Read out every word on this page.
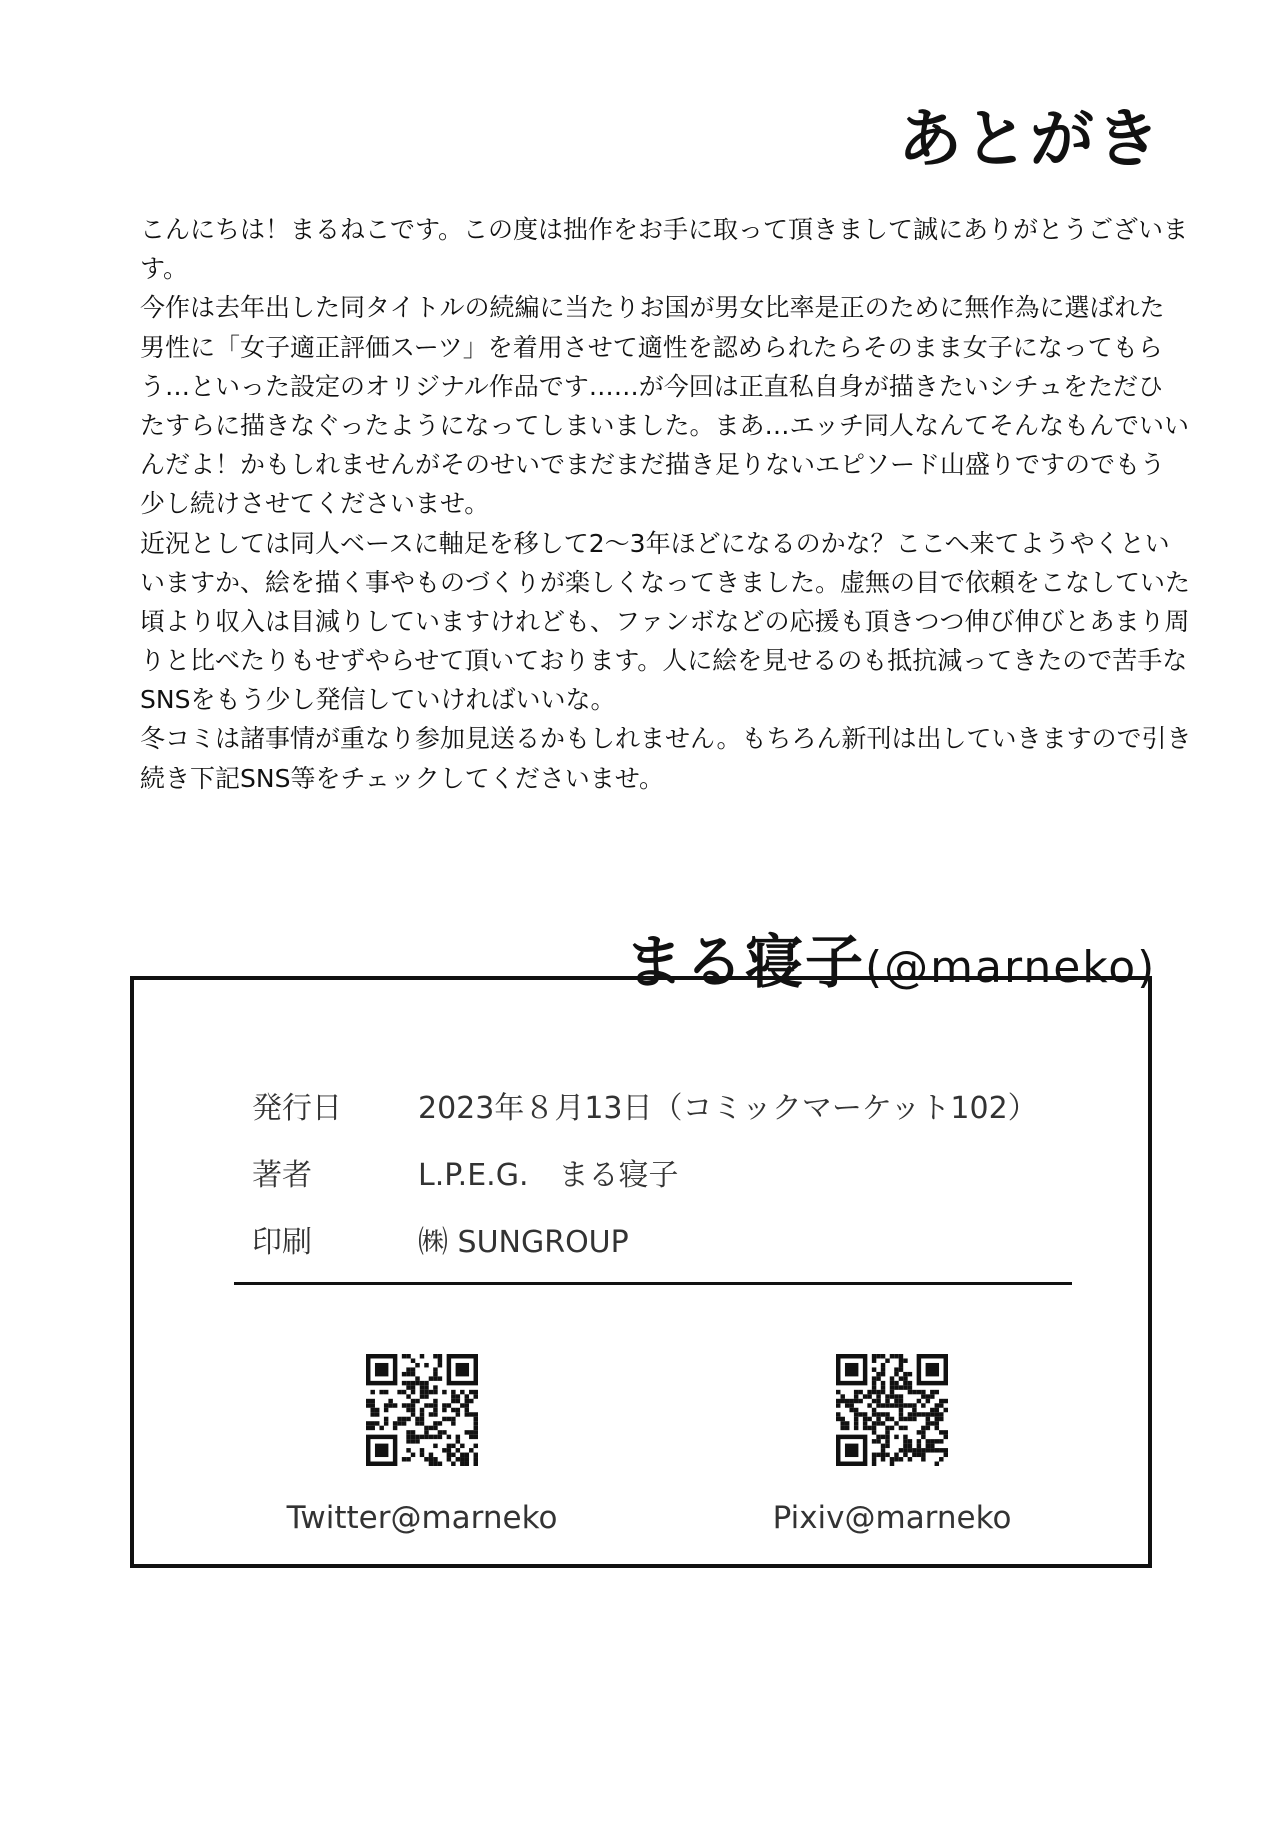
あとがき
こんにちは！まるねこです。この度は拙作をお手に取って頂きまして誠にありがとうございま
す。
今作は去年出した同タイトルの続編に当たりお国が男女比率是正のために無作為に選ばれた
男性に「女子適正評価スーツ」を着用させて適性を認められたらそのまま女子になってもら
う…といった設定のオリジナル作品です……が今回は正直私自身が描きたいシチュをただひ
たすらに描きなぐったようになってしまいました。まあ…エッチ同人なんてそんなもんでいい
んだよ！かもしれませんがそのせいでまだまだ描き足りないエピソード山盛りですのでもう
少し続けさせてくださいませ。
近況としては同人ベースに軸足を移して2～3年ほどになるのかな？ここへ来てようやくとい
いますか、絵を描く事やものづくりが楽しくなってきました。虚無の目で依頼をこなしていた
頃より収入は目減りしていますけれども、ファンボなどの応援も頂きつつ伸び伸びとあまり周
りと比べたりもせずやらせて頂いております。人に絵を見せるのも抵抗減ってきたので苦手な
SNSをもう少し発信していければいいな。
冬コミは諸事情が重なり参加見送るかもしれません。もちろん新刊は出していきますので引き
続き下記SNS等をチェックしてくださいませ。
まる寝子(@marneko)
発行日	2023年８月13日（コミックマーケット102）
著者	L.P.E.G.　まる寝子
印刷	㈱ SUNGROUP
Twitter@marneko	Pixiv@marneko
